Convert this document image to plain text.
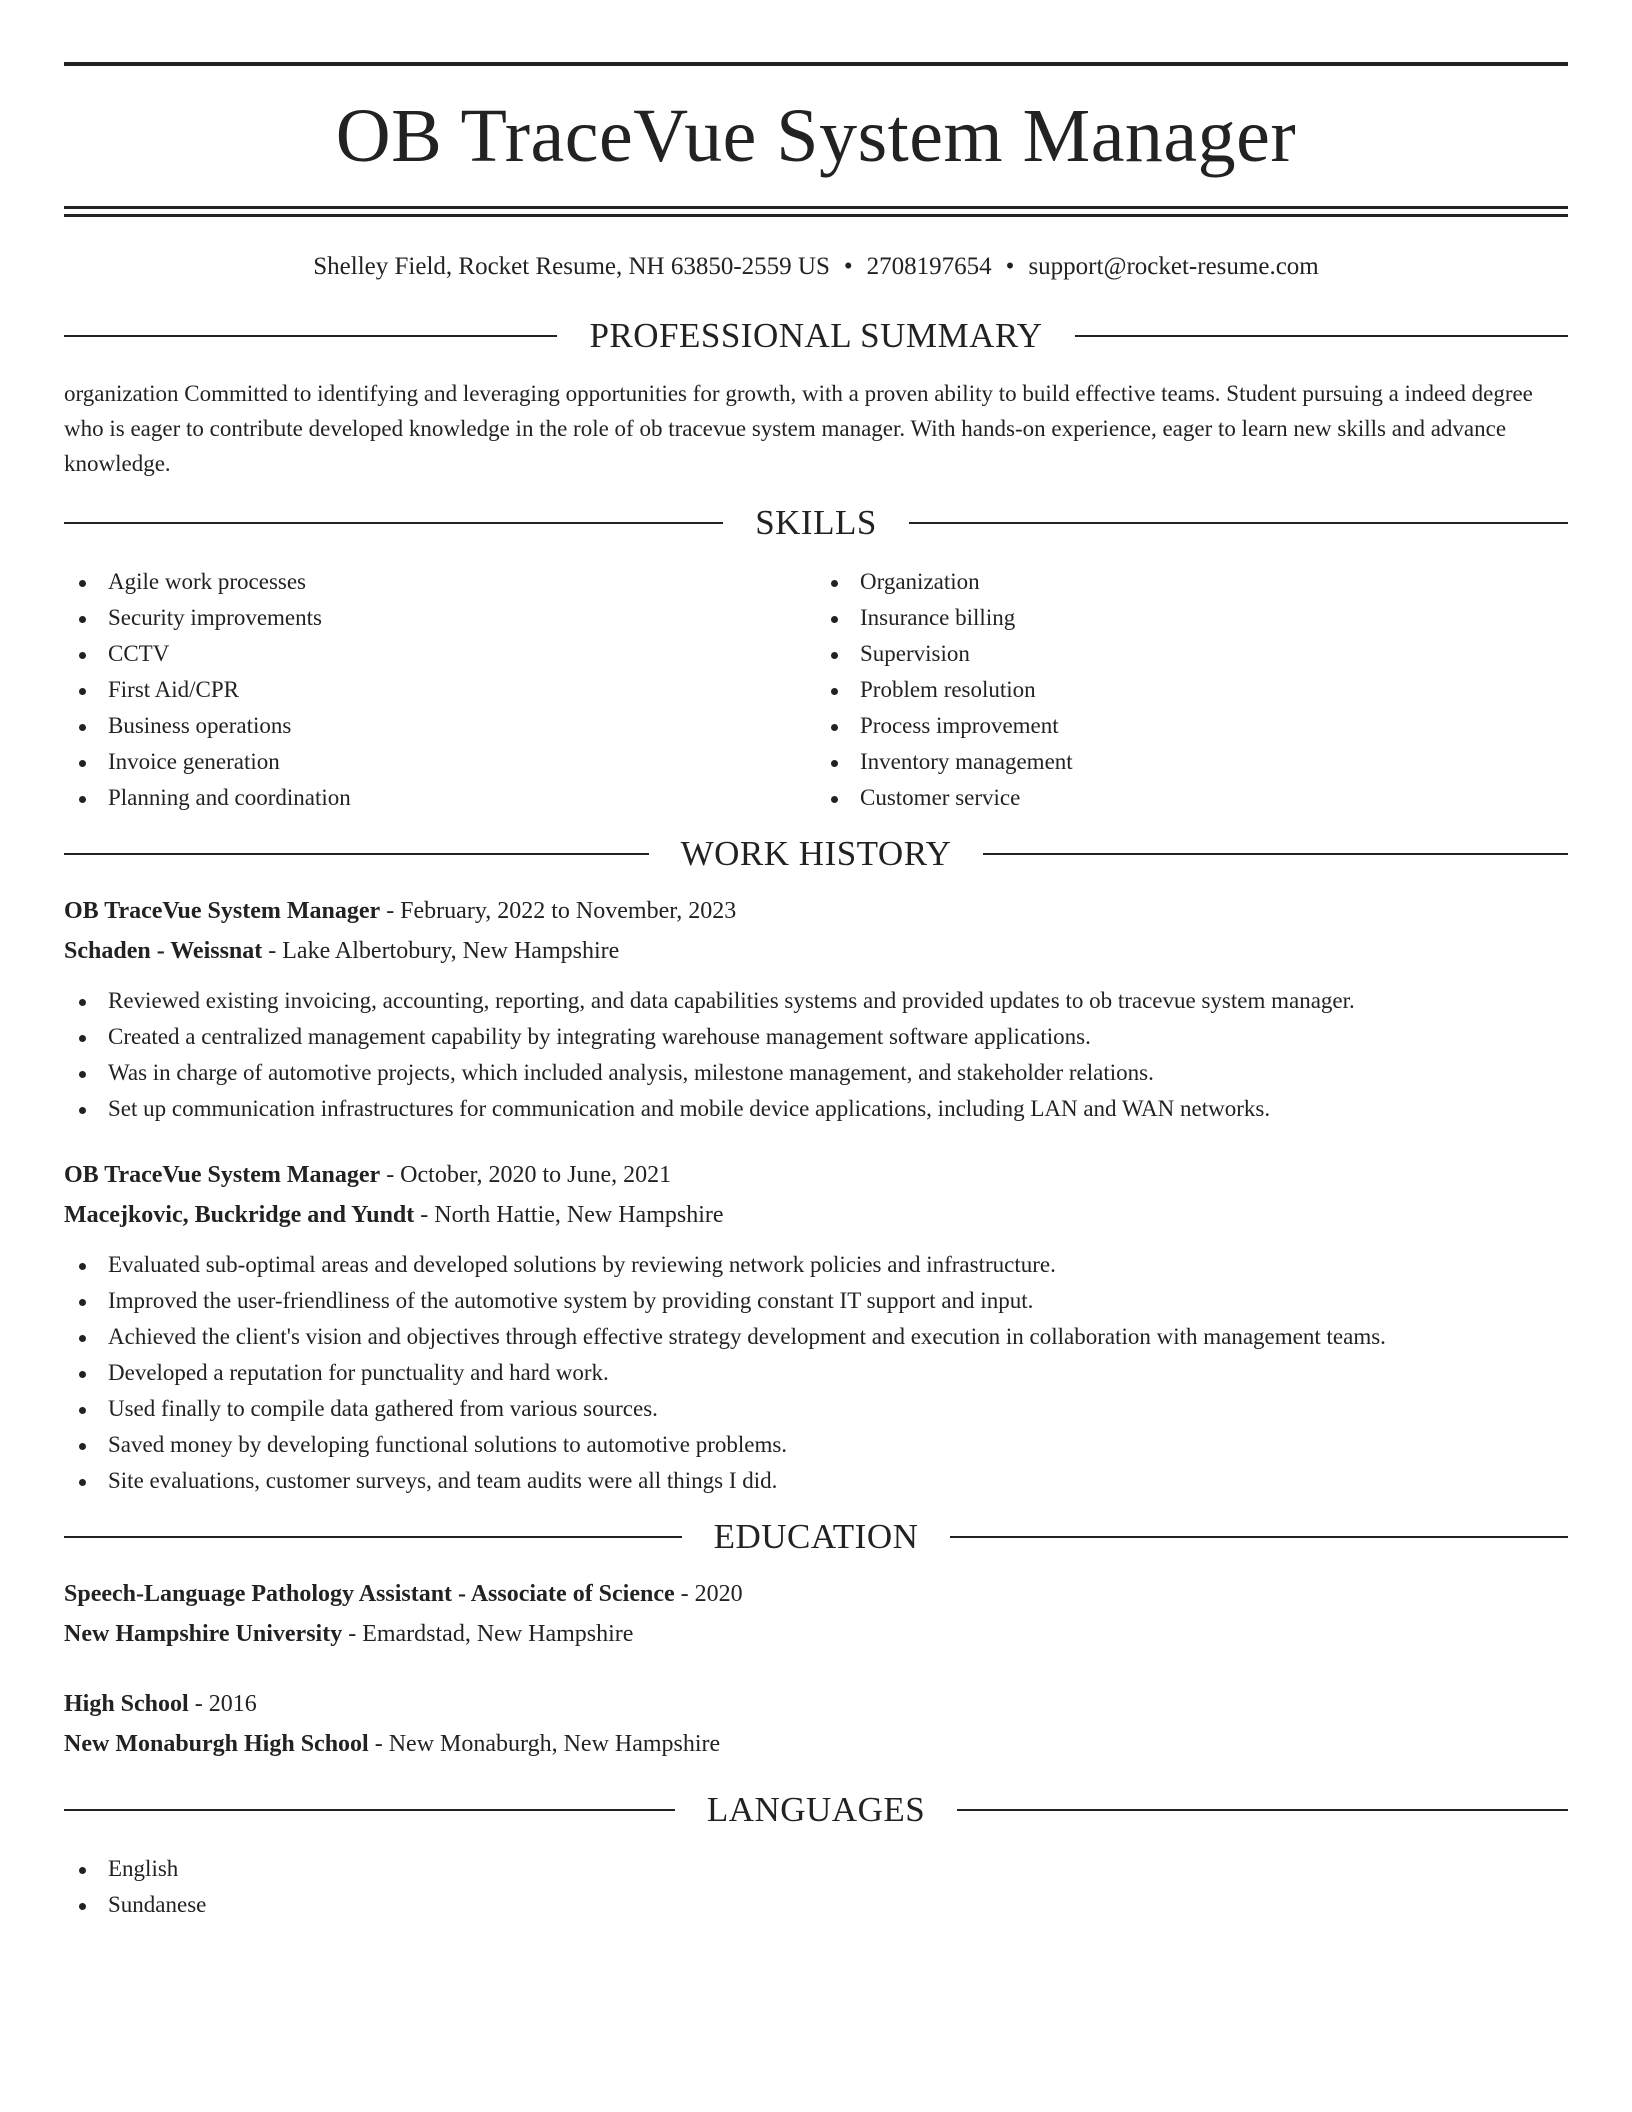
OB TraceVue System Manager
Shelley Field, Rocket Resume, NH 63850-2559 US • 2708197654 • support@rocket-resume.com
PROFESSIONAL SUMMARY

organization Committed to identifying and leveraging opportunities for growth, with a proven ability to build effective teams. Student pursuing a indeed degree who is eager to contribute developed knowledge in the role of ob tracevue system manager. With hands-on experience, eager to learn new skills and advance knowledge.

SKILLS
Agile work processes
Security improvements
CCTV
First Aid/CPR
Business operations
Invoice generation
Planning and coordination
Organization
Insurance billing
Supervision
Problem resolution
Process improvement
Inventory management
Customer service
WORK HISTORY
OB TraceVue System Manager - February, 2022 to November, 2023
Schaden - Weissnat - Lake Albertobury, New Hampshire
Reviewed existing invoicing, accounting, reporting, and data capabilities systems and provided updates to ob tracevue system manager.
Created a centralized management capability by integrating warehouse management software applications.
Was in charge of automotive projects, which included analysis, milestone management, and stakeholder relations.
Set up communication infrastructures for communication and mobile device applications, including LAN and WAN networks.
OB TraceVue System Manager - October, 2020 to June, 2021
Macejkovic, Buckridge and Yundt - North Hattie, New Hampshire
Evaluated sub-optimal areas and developed solutions by reviewing network policies and infrastructure.
Improved the user-friendliness of the automotive system by providing constant IT support and input.
Achieved the client's vision and objectives through effective strategy development and execution in collaboration with management teams.
Developed a reputation for punctuality and hard work.
Used finally to compile data gathered from various sources.
Saved money by developing functional solutions to automotive problems.
Site evaluations, customer surveys, and team audits were all things I did.
EDUCATION
Speech-Language Pathology Assistant - Associate of Science - 2020
New Hampshire University - Emardstad, New Hampshire
High School - 2016
New Monaburgh High School - New Monaburgh, New Hampshire
LANGUAGES
English
Sundanese
